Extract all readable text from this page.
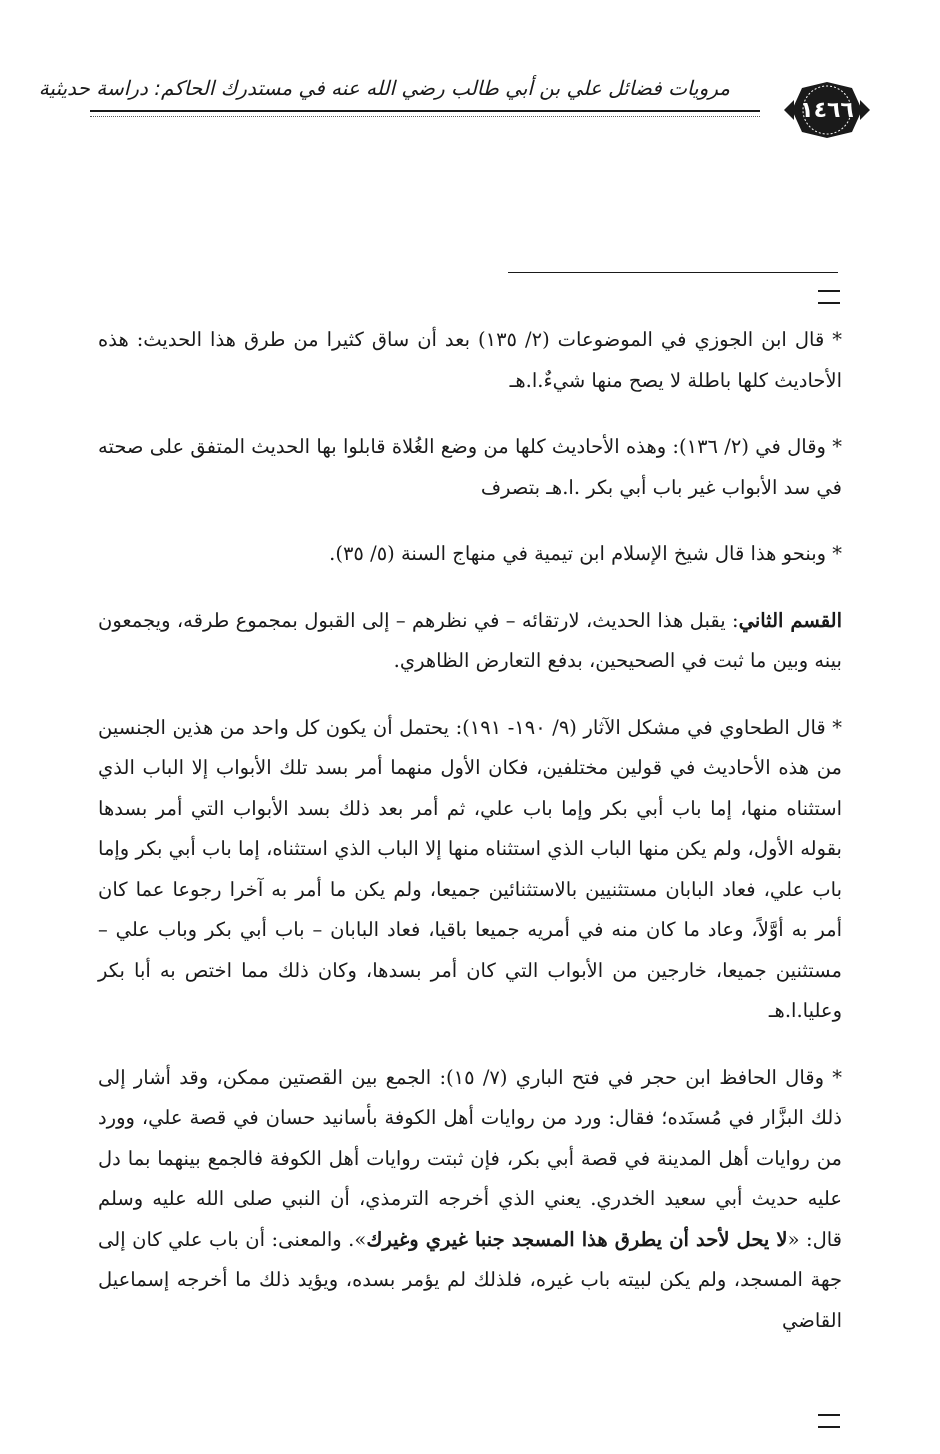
مرويات فضائل علي بن أبي طالب رضي الله عنه في مستدرك الحاكم: دراسة حديثية
١٤٦٦

* قال ابن الجوزي في الموضوعات (٢/ ١٣٥) بعد أن ساق كثيرا من طرق هذا الحديث: هذه الأحاديث كلها باطلة لا يصح منها شيءٌ.ا.هـ

* وقال في (٢/ ١٣٦): وهذه الأحاديث كلها من وضع الغُلاة قابلوا بها الحديث المتفق على صحته في سد الأبواب غير باب أبي بكر .ا.هـ بتصرف

* وبنحو هذا قال شيخ الإسلام ابن تيمية في منهاج السنة (٥/ ٣٥).

القسم الثاني: يقبل هذا الحديث، لارتقائه – في نظرهم – إلى القبول بمجموع طرقه، ويجمعون بينه وبين ما ثبت في الصحيحين، بدفع التعارض الظاهري.

* قال الطحاوي في مشكل الآثار (٩/ ١٩٠- ١٩١): يحتمل أن يكون كل واحد من هذين الجنسين من هذه الأحاديث في قولين مختلفين، فكان الأول منهما أمر بسد تلك الأبواب إلا الباب الذي استثناه منها، إما باب أبي بكر وإما باب علي، ثم أمر بعد ذلك بسد الأبواب التي أمر بسدها بقوله الأول، ولم يكن منها الباب الذي استثناه منها إلا الباب الذي استثناه، إما باب أبي بكر وإما باب علي، فعاد البابان مستثنيين بالاستثنائين جميعا، ولم يكن ما أمر به آخرا رجوعا عما كان أمر به أوَّلاً، وعاد ما كان منه في أمريه جميعا باقيا، فعاد البابان – باب أبي بكر وباب علي – مستثنين جميعا، خارجين من الأبواب التي كان أمر بسدها، وكان ذلك مما اختص به أبا بكر وعليا.ا.هـ

* وقال الحافظ ابن حجر في فتح الباري (٧/ ١٥): الجمع بين القصتين ممكن، وقد أشار إلى ذلك البزَّار في مُسنَده؛ فقال: ورد من روايات أهل الكوفة بأسانيد حسان في قصة علي، وورد من روايات أهل المدينة في قصة أبي بكر، فإن ثبتت روايات أهل الكوفة فالجمع بينهما بما دل عليه حديث أبي سعيد الخدري. يعني الذي أخرجه الترمذي، أن النبي صلى الله عليه وسلم قال: «لا يحل لأحد أن يطرق هذا المسجد جنبا غيري وغيرك». والمعنى: أن باب علي كان إلى جهة المسجد، ولم يكن لبيته باب غيره، فلذلك لم يؤمر بسده، ويؤيد ذلك ما أخرجه إسماعيل القاضي
